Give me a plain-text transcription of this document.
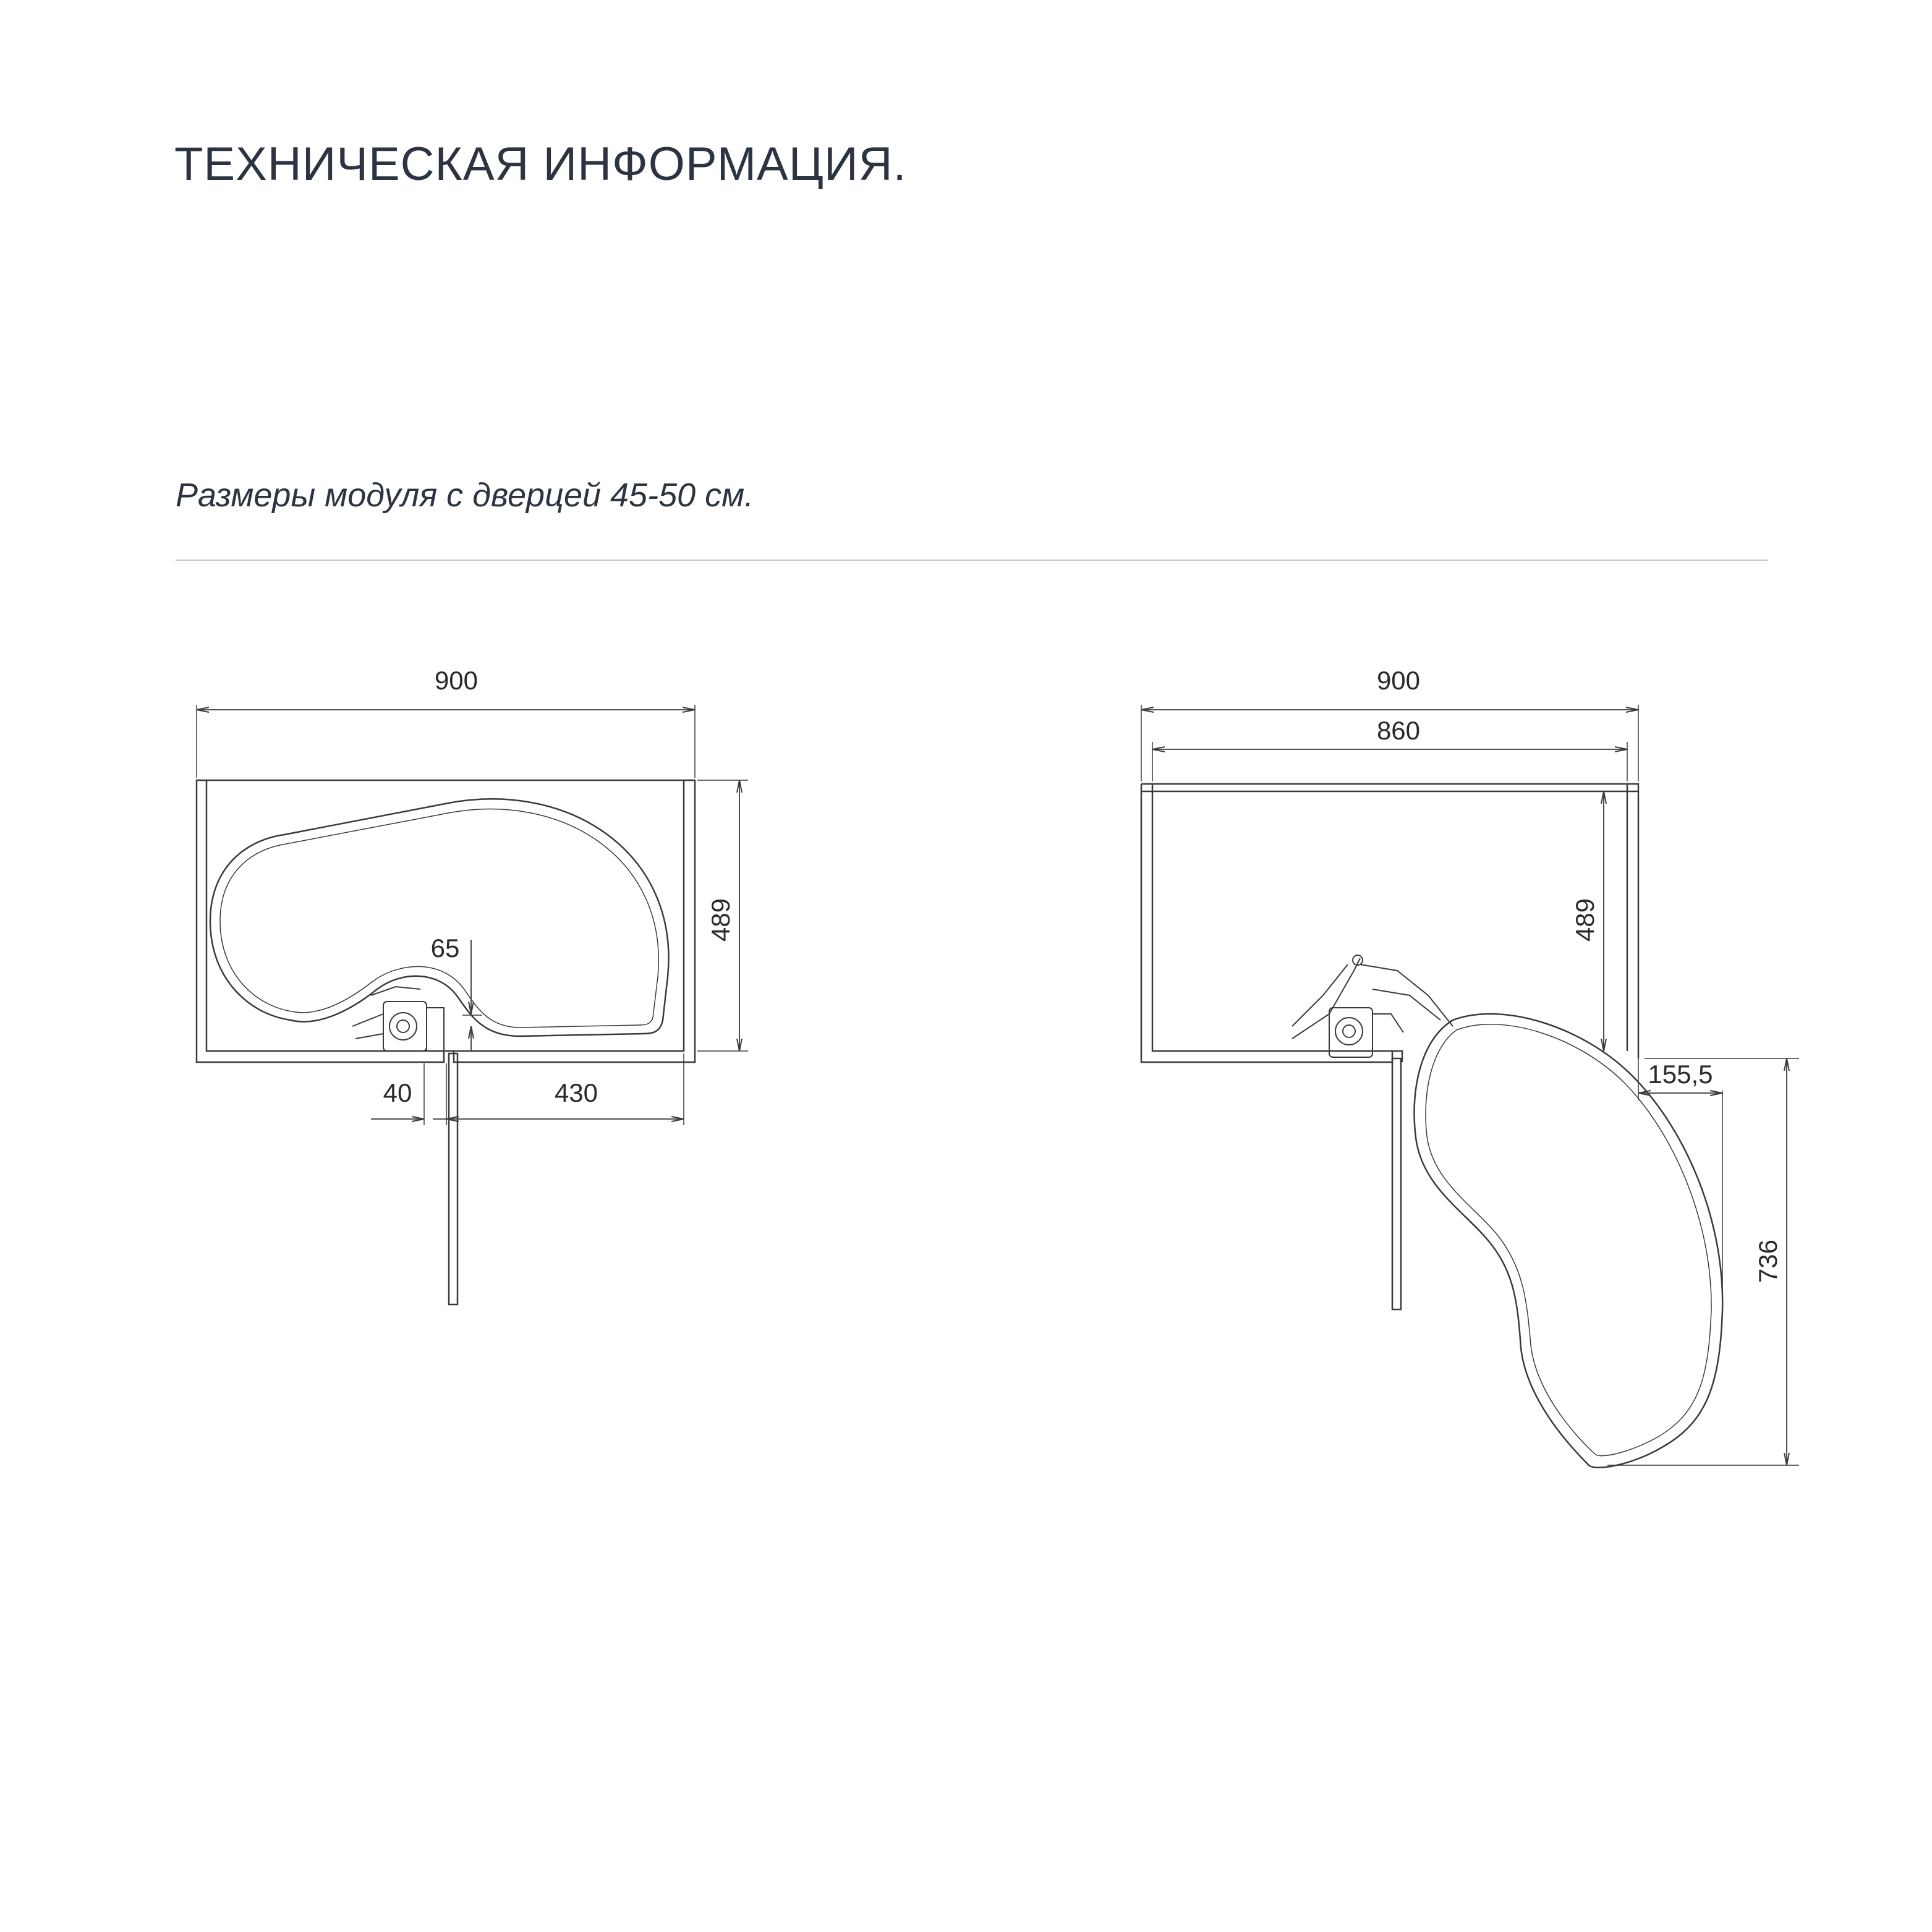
ТЕХНИЧЕСКАЯ ИНФОРМАЦИЯ.

Размеры модуля с дверцей 45-50 см.

900
489
65
40	430
900
860
489
155,5
736
